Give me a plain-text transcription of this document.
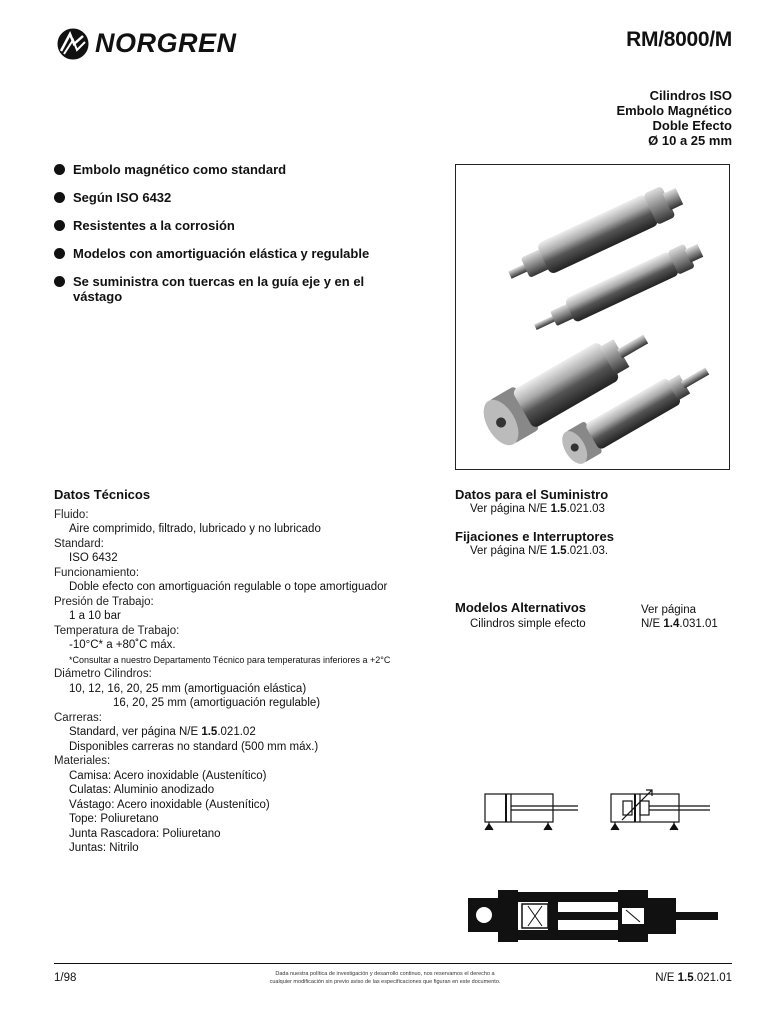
NORGREN	RM/8000/M
Cilindros ISO
Embolo Magnético
Doble Efecto
Ø 10 a 25 mm
Embolo magnético como standard
Según ISO 6432
Resistentes a la corrosión
Modelos con amortiguación elástica y regulable
Se suministra con tuercas en la guía eje y en el vástago
Datos Técnicos
Fluido:
Aire comprimido, filtrado, lubricado y no lubricado
Standard:
ISO 6432
Funcionamiento:
Doble efecto con amortiguación regulable o tope amortiguador
Presión de Trabajo:
1 a 10 bar
Temperatura de Trabajo:
-10°C* a +80˚C máx.
*Consultar a nuestro Departamento Técnico para temperaturas inferiores a +2°C
Diámetro Cilindros:
10, 12, 16, 20, 25 mm (amortiguación elástica)
16, 20, 25 mm (amortiguación regulable)
Carreras:
Standard, ver página N/E 1.5.021.02
Disponibles carreras no standard (500 mm máx.)
Materiales:
Camisa: Acero inoxidable (Austenítico)
Culatas: Aluminio anodizado
Vástago: Acero inoxidable (Austenítico)
Tope: Poliuretano
Junta Rascadora: Poliuretano
Juntas: Nitrilo
Datos para el Suministro
Ver página N/E 1.5.021.03
Fijaciones e Interruptores
Ver página N/E 1.5.021.03.
Modelos Alternativos
Cilindros simple efecto
Ver página
N/E 1.4.031.01
1/98	Dada nuestra política de investigación y desarrollo continuo, nos reservamos el derecho a
cualquier modificación sin previo aviso de las especificaciones que figuran en este documento.	N/E 1.5.021.01
